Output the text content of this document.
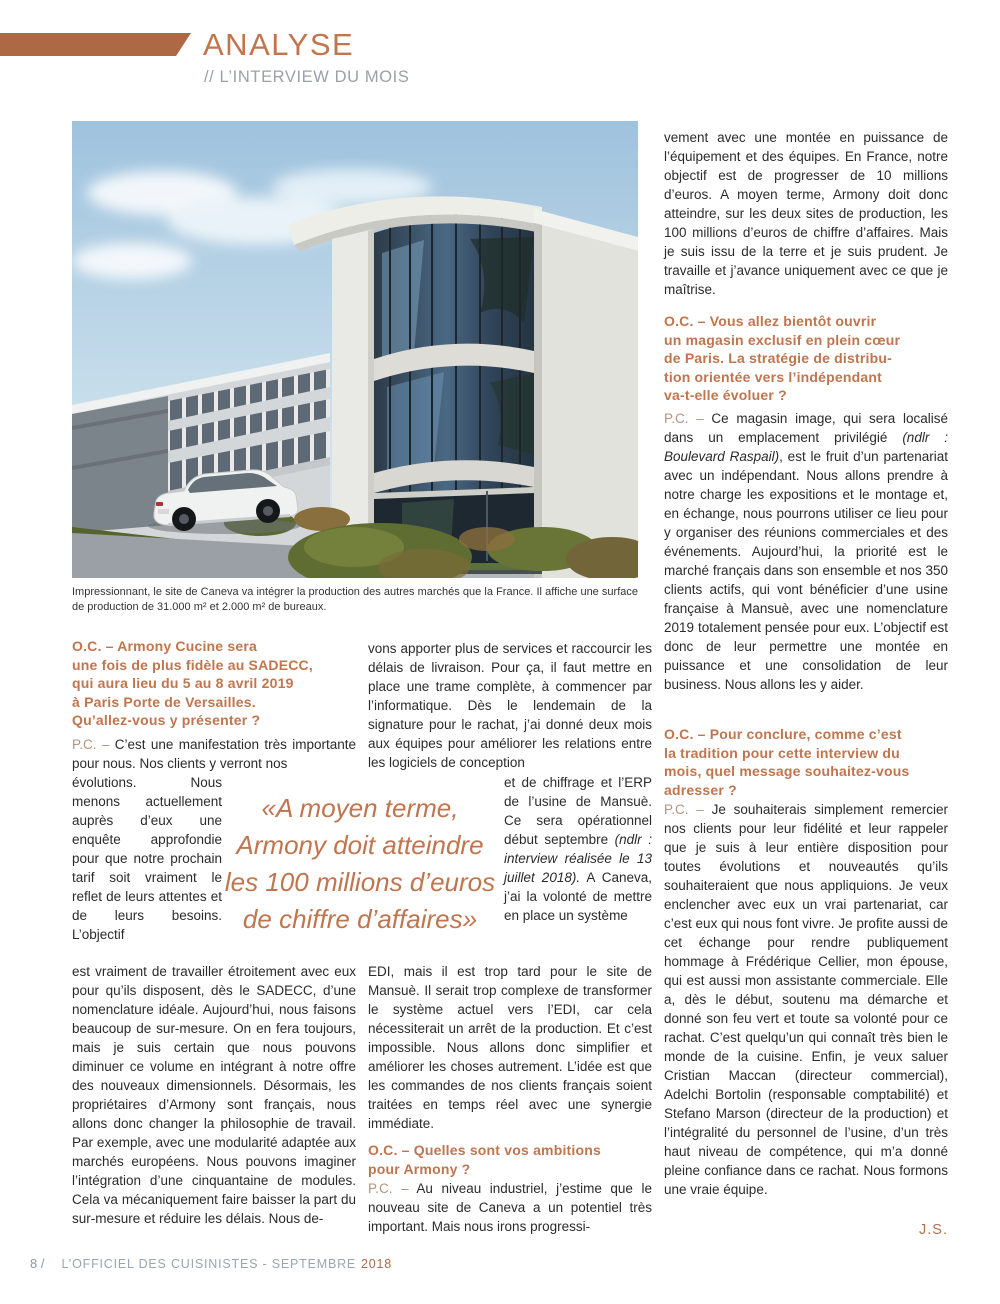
ANALYSE
// L’INTERVIEW DU MOIS
Impressionnant, le site de Caneva va intégrer la production des autres marchés que la France. Il affiche une surface de production de 31.000 m² et 2.000 m² de bureaux.
O.C. – Armony Cucine sera
une fois de plus fidèle au SADECC,
qui aura lieu du 5 au 8 avril 2019
à Paris Porte de Versailles.
Qu’allez-vous y présenter ?
P.C. – C’est une manifestation très importante pour nous. Nos clients y verront nos
évolutions. Nous menons actuellement auprès d’eux une enquête approfondie pour que notre prochain tarif soit vraiment le reflet de leurs attentes et de leurs besoins. L’objectif
est vraiment de travailler étroitement avec eux pour qu’ils disposent, dès le SADECC, d’une nomenclature idéale. Aujourd’hui, nous faisons beaucoup de sur-mesure. On en fera toujours, mais je suis certain que nous pouvons diminuer ce volume en intégrant à notre offre des nouveaux dimensionnels. Désormais, les propriétaires d’Armony sont français, nous allons donc changer la philosophie de travail. Par exemple, avec une modularité adaptée aux marchés européens. Nous pouvons imaginer l’intégration d’une cinquantaine de modules. Cela va mécaniquement faire baisser la part du sur-mesure et réduire les délais. Nous de-
«A moyen terme,
Armony doit atteindre
les 100 millions d’euros
de chiffre d’affaires»
vons apporter plus de services et raccourcir les délais de livraison. Pour ça, il faut mettre en place une trame complète, à commencer par l’informatique. Dès le lendemain de la signature pour le rachat, j’ai donné deux mois aux équipes pour améliorer les relations entre les logiciels de conception
et de chiffrage et l’ERP de l’usine de Mansuè. Ce sera opérationnel début septembre (ndlr : interview réalisée le 13 juillet 2018). A Caneva, j’ai la volonté de mettre en place un système
EDI, mais il est trop tard pour le site de Mansuè. Il serait trop complexe de transformer le système actuel vers l’EDI, car cela nécessiterait un arrêt de la production. Et c’est impossible. Nous allons donc simplifier et améliorer les choses autrement. L’idée est que les commandes de nos clients français soient traitées en temps réel avec une synergie immédiate.
O.C. – Quelles sont vos ambitions
pour Armony ?
P.C. – Au niveau industriel, j’estime que le nouveau site de Caneva a un potentiel très important. Mais nous irons progressi-
vement avec une montée en puissance de l’équipement et des équipes. En France, notre objectif est de progresser de 10 millions d’euros. A moyen terme, Armony doit donc atteindre, sur les deux sites de production, les 100 millions d’euros de chiffre d’affaires. Mais je suis issu de la terre et je suis prudent. Je travaille et j’avance uniquement avec ce que je maîtrise.
O.C. – Vous allez bientôt ouvrir
un magasin exclusif en plein cœur
de Paris. La stratégie de distribu-
tion orientée vers l’indépendant
va-t-elle évoluer ?
P.C. – Ce magasin image, qui sera localisé dans un emplacement privilégié (ndlr : Boulevard Raspail), est le fruit d’un partenariat avec un indépendant. Nous allons prendre à notre charge les expositions et le montage et, en échange, nous pourrons utiliser ce lieu pour y organiser des réunions commerciales et des événements. Aujourd’hui, la priorité est le marché français dans son ensemble et nos 350 clients actifs, qui vont bénéficier d’une usine française à Mansuè, avec une nomenclature 2019 totalement pensée pour eux. L’objectif est donc de leur permettre une montée en puissance et une consolidation de leur business. Nous allons les y aider.
O.C. – Pour conclure, comme c’est
la tradition pour cette interview du
mois, quel message souhaitez-vous
adresser ?
P.C. – Je souhaiterais simplement remercier nos clients pour leur fidélité et leur rappeler que je suis à leur entière disposition pour toutes évolutions et nouveautés qu’ils souhaiteraient que nous appliquions. Je veux enclencher avec eux un vrai partenariat, car c’est eux qui nous font vivre. Je profite aussi de cet échange pour rendre publiquement hommage à Frédérique Cellier, mon épouse, qui est aussi mon assistante commerciale. Elle a, dès le début, soutenu ma démarche et donné son feu vert et toute sa volonté pour ce rachat. C’est quelqu’un qui connaît très bien le monde de la cuisine. Enfin, je veux saluer Cristian Maccan (directeur commercial), Adelchi Bortolin (responsable comptabilité) et Stefano Marson (directeur de la production) et l’intégralité du personnel de l’usine, d’un très haut niveau de compétence, qui m’a donné pleine confiance dans ce rachat. Nous formons une vraie équipe.
J.S.
8 / L’OFFICIEL DES CUISINISTES - SEPTEMBRE 2018
